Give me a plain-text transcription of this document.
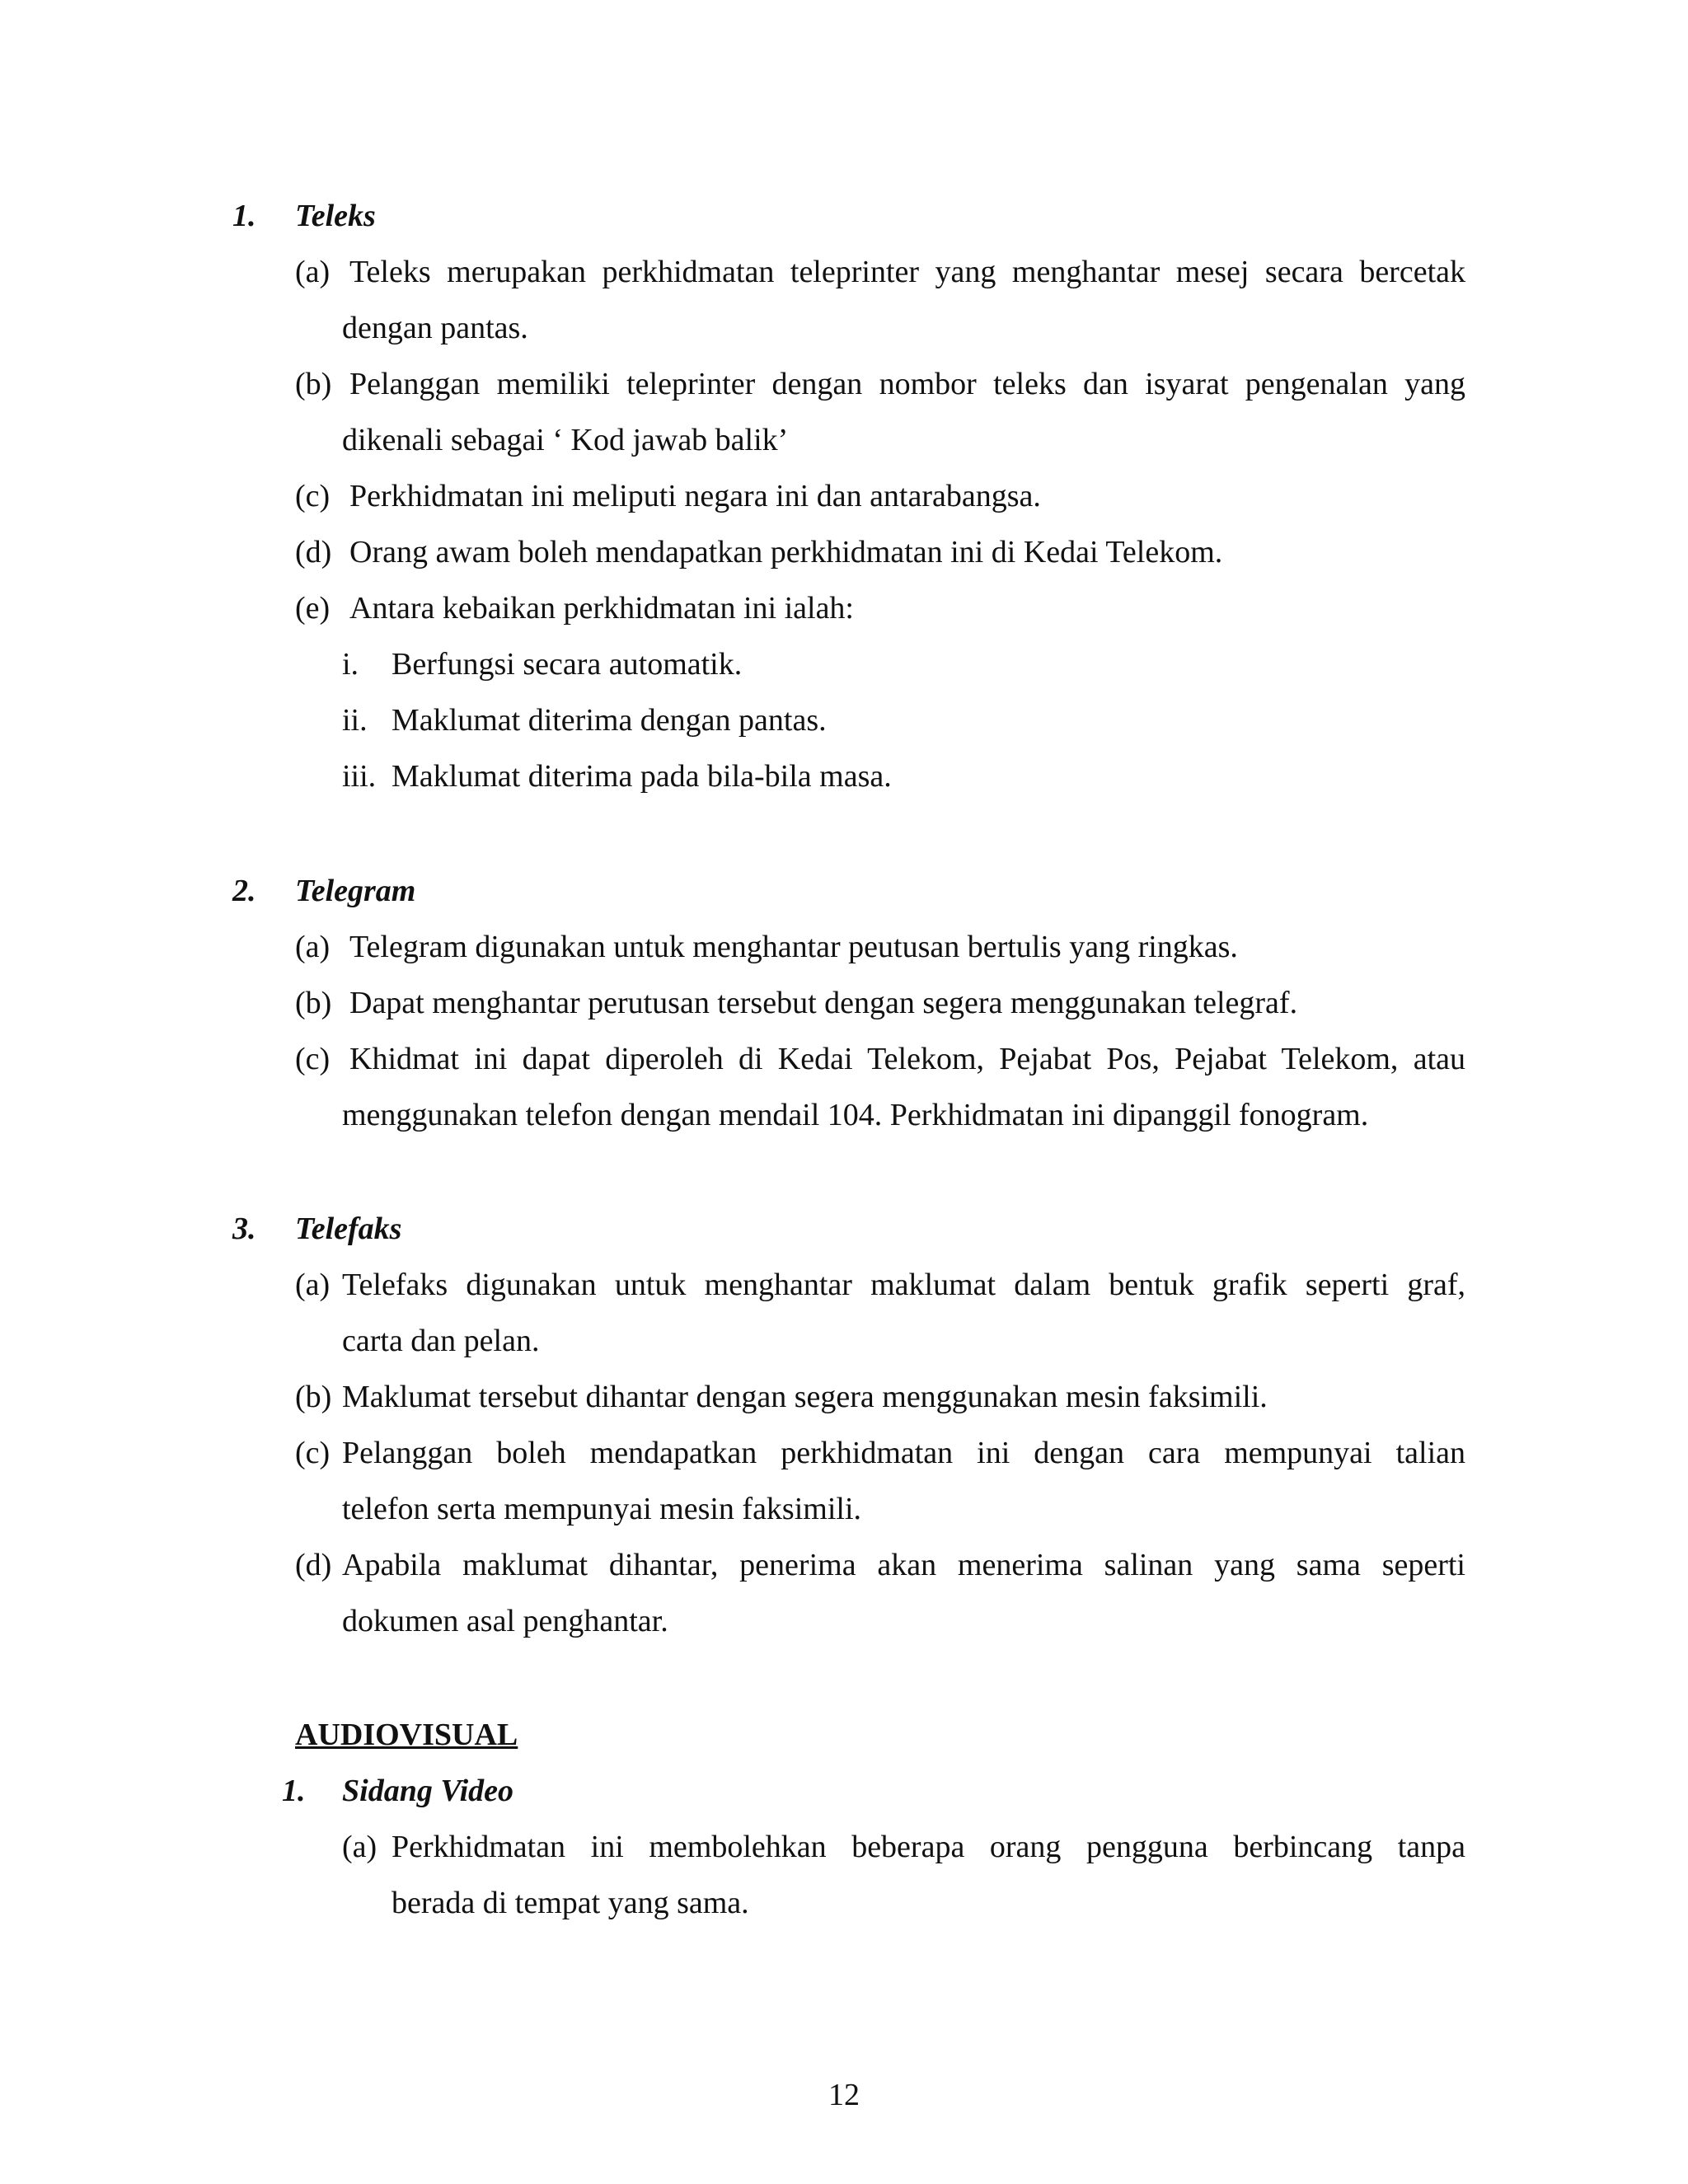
1. Teleks
(a) Teleks merupakan perkhidmatan teleprinter yang menghantar mesej secara bercetak
dengan pantas.
(b) Pelanggan memiliki teleprinter dengan nombor teleks dan isyarat pengenalan yang
dikenali sebagai ‘ Kod jawab balik’
(c) Perkhidmatan ini meliputi negara ini dan antarabangsa.
(d) Orang awam boleh mendapatkan perkhidmatan ini di Kedai Telekom.
(e) Antara kebaikan perkhidmatan ini ialah:
i. Berfungsi secara automatik.
ii. Maklumat diterima dengan pantas.
iii. Maklumat diterima pada bila-bila masa.
2. Telegram
(a) Telegram digunakan untuk menghantar peutusan bertulis yang ringkas.
(b) Dapat menghantar perutusan tersebut dengan segera menggunakan telegraf.
(c) Khidmat ini dapat diperoleh di Kedai Telekom, Pejabat Pos, Pejabat Telekom, atau
menggunakan telefon dengan mendail 104. Perkhidmatan ini dipanggil fonogram.
3. Telefaks
(a) Telefaks digunakan untuk menghantar maklumat dalam bentuk grafik seperti graf,
carta dan pelan.
(b) Maklumat tersebut dihantar dengan segera menggunakan mesin faksimili.
(c) Pelanggan boleh mendapatkan perkhidmatan ini dengan cara mempunyai talian
telefon serta mempunyai mesin faksimili.
(d) Apabila maklumat dihantar, penerima akan menerima salinan yang sama seperti
dokumen asal penghantar.
AUDIOVISUAL
1. Sidang Video
(a) Perkhidmatan ini membolehkan beberapa orang pengguna berbincang tanpa
berada di tempat yang sama.
12
